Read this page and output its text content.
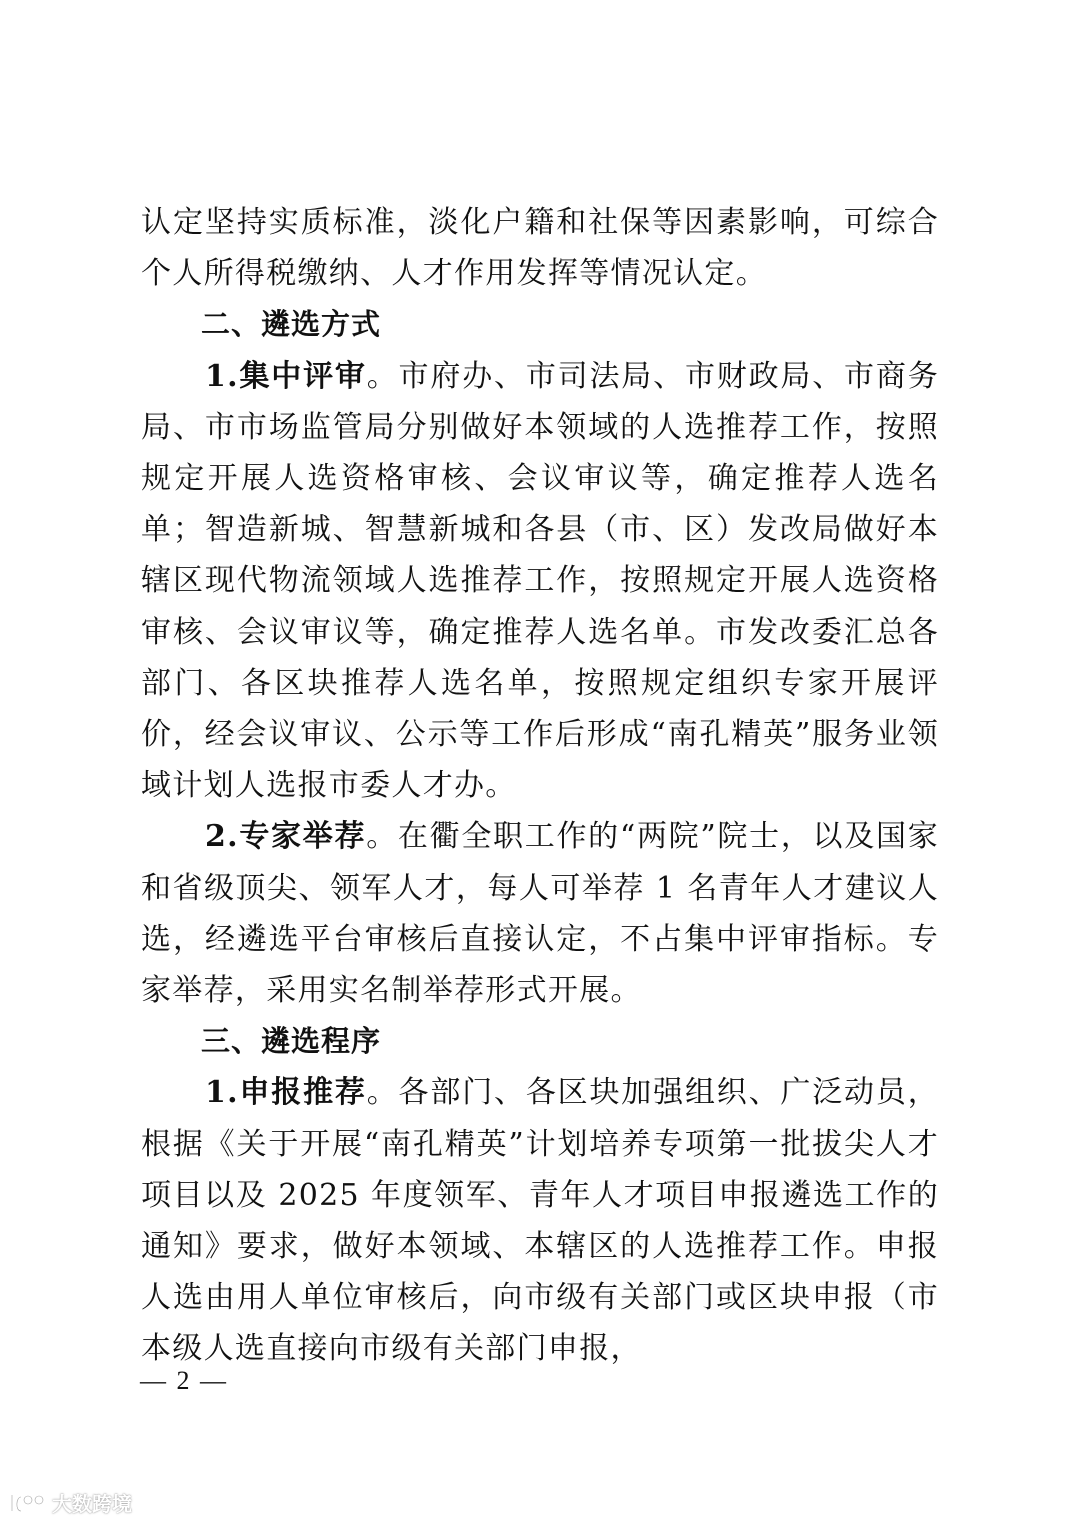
认定坚持实质标准，淡化户籍和社保等因素影响，可综合个人所得税缴纳、人才作用发挥等情况认定。

二、遴选方式

1.集中评审。市府办、市司法局、市财政局、市商务局、市市场监管局分别做好本领域的人选推荐工作，按照规定开展人选资格审核、会议审议等，确定推荐人选名单；智造新城、智慧新城和各县（市、区）发改局做好本辖区现代物流领域人选推荐工作，按照规定开展人选资格审核、会议审议等，确定推荐人选名单。市发改委汇总各部门、各区块推荐人选名单，按照规定组织专家开展评价，经会议审议、公示等工作后形成“南孔精英”服务业领域计划人选报市委人才办。

2.专家举荐。在衢全职工作的“两院”院士，以及国家和省级顶尖、领军人才，每人可举荐 1 名青年人才建议人选，经遴选平台审核后直接认定，不占集中评审指标。专家举荐，采用实名制举荐形式开展。

三、遴选程序

1.申报推荐。各部门、各区块加强组织、广泛动员，根据《关于开展“南孔精英”计划培养专项第一批拔尖人才项目以及 2025 年度领军、青年人才项目申报遴选工作的通知》要求，做好本领域、本辖区的人选推荐工作。申报人选由用人单位审核后，向市级有关部门或区块申报（市本级人选直接向市级有关部门申报，

— 2 —
大数跨境
